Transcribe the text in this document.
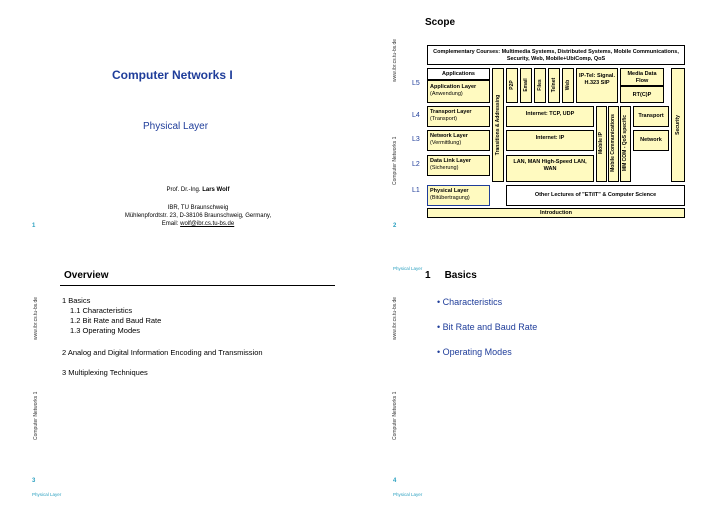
Computer Networks I
Physical Layer
Prof. Dr.-Ing. Lars Wolf
IBR, TU Braunschweig
Mühlenpfordtstr. 23, D-38106 Braunschweig, Germany,
Email: wolf@ibr.cs.tu-bs.de
1
Scope
www.ibr.cs.tu-bs.de
Computer Networks 1
2
Physical Layer
Complementary Courses: Multimedia Systems, Distributed Systems, Mobile Communications, Security, Web, Mobile+UbiComp, QoS
L5
L4
L3
L2
L1
Applications
Application Layer
(Anwendung)
Transport Layer
(Transport)
Network Layer
(Vermittlung)
Data Link Layer
(Sicherung)
Physical Layer
(Bitübertragung)
Transitions & Addressing
P2P Email Files Telnet Web
IP-Tel: Signal. H.323 SIP
Media Data Flow
RT(C)P
Internet: TCP, UDP
Internet: IP
LAN, MAN High-Speed LAN, WAN
Mobile IP Mobile Communications MM COM - QoS specific	Transport
Network
Security
Other Lectures of "ET/IT" & Computer Science
Introduction
Overview
www.ibr.cs.tu-bs.de
Computer Networks 1
1 Basics
1.1 Characteristics
1.2 Bit Rate and Baud Rate
1.3 Operating Modes
2 Analog and Digital Information Encoding and Transmission
3 Multiplexing Techniques
3
Physical Layer
1 Basics
www.ibr.cs.tu-bs.de
Computer Networks 1
• Characteristics
• Bit Rate and Baud Rate
• Operating Modes
4
Physical Layer
